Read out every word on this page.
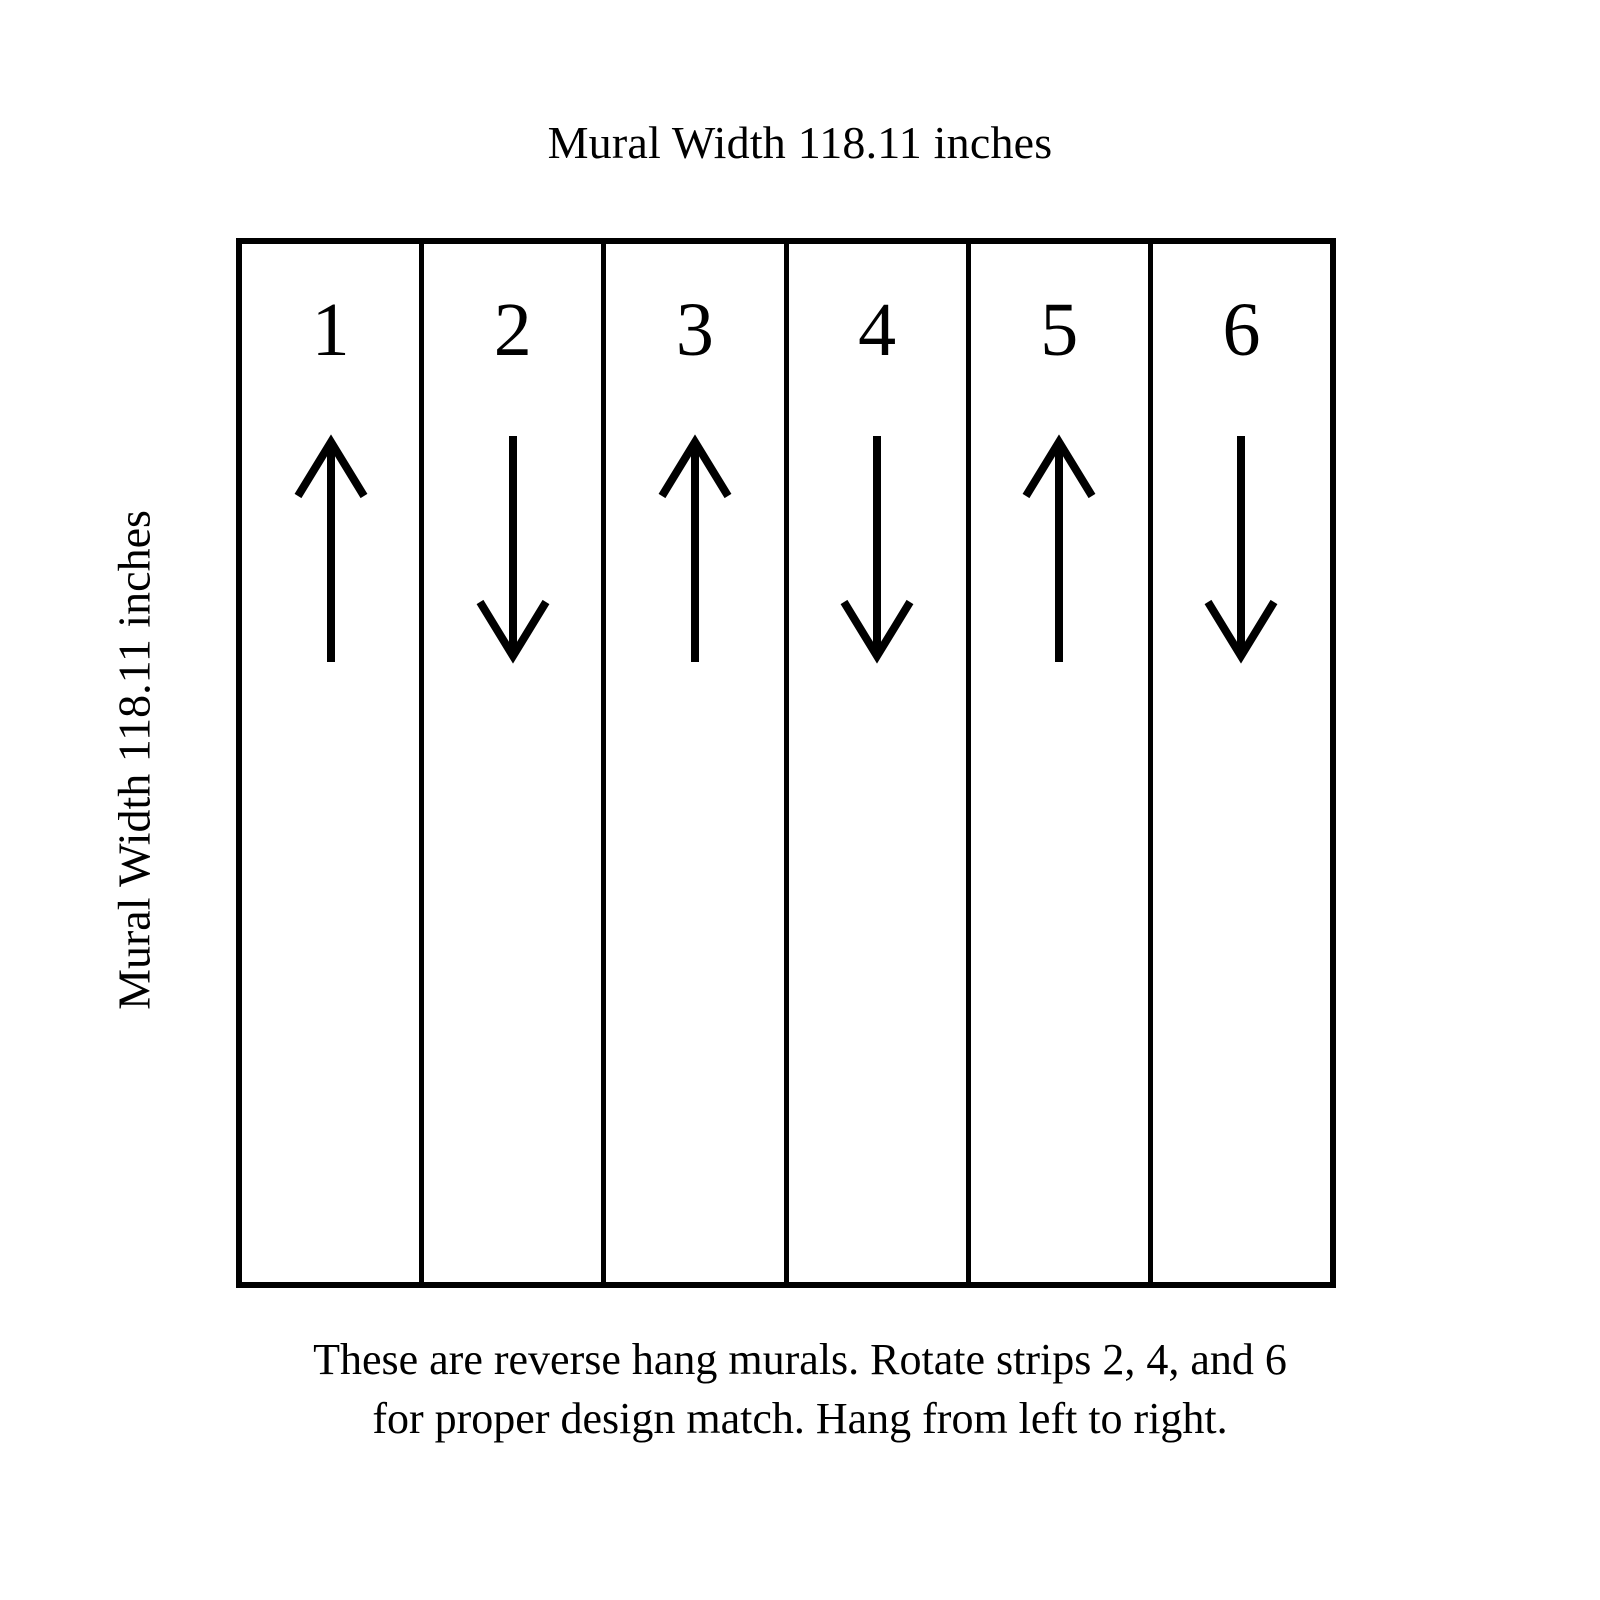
Mural Width 118.11 inches
Mural Width 118.11 inches
1	2	3	4	5	6
These are reverse hang murals. Rotate strips 2, 4, and 6
for proper design match. Hang from left to right.
